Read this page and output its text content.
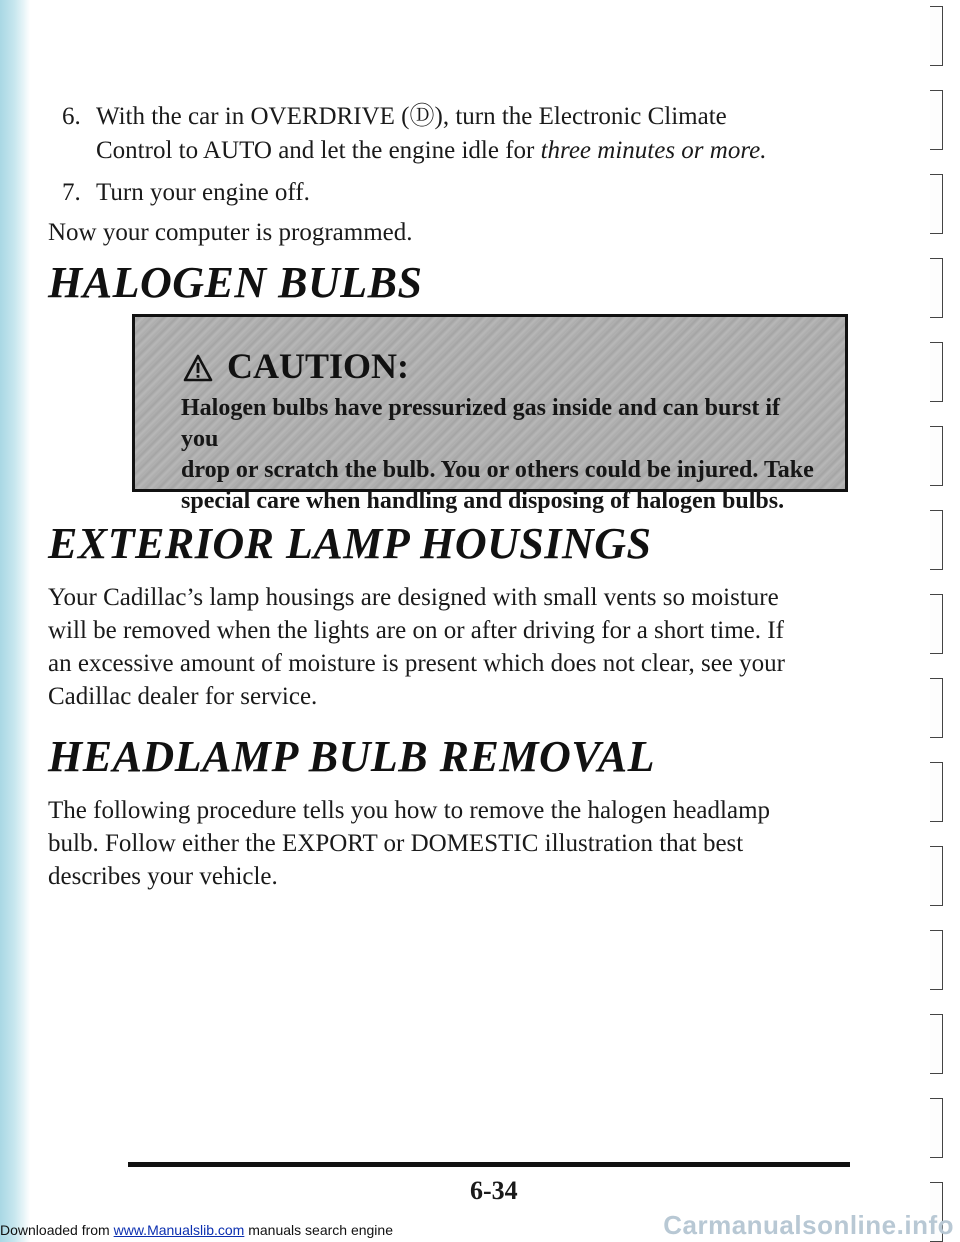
6. With the car in OVERDRIVE (Ⓓ), turn the Electronic Climate
Control to AUTO and let the engine idle for three minutes or more.

7. Turn your engine off.

Now your computer is programmed.

HALOGEN BULBS
CAUTION:
Halogen bulbs have pressurized gas inside and can burst if you
drop or scratch the bulb. You or others could be injured. Take
special care when handling and disposing of halogen bulbs.
EXTERIOR LAMP HOUSINGS
Your Cadillac’s lamp housings are designed with small vents so moisture
will be removed when the lights are on or after driving for a short time. If
an excessive amount of moisture is present which does not clear, see your
Cadillac dealer for service.
HEADLAMP BULB REMOVAL
The following procedure tells you how to remove the halogen headlamp
bulb. Follow either the EXPORT or DOMESTIC illustration that best
describes your vehicle.
6-34
Downloaded from www.Manualslib.com manuals search engine	Carmanualsonline.info
